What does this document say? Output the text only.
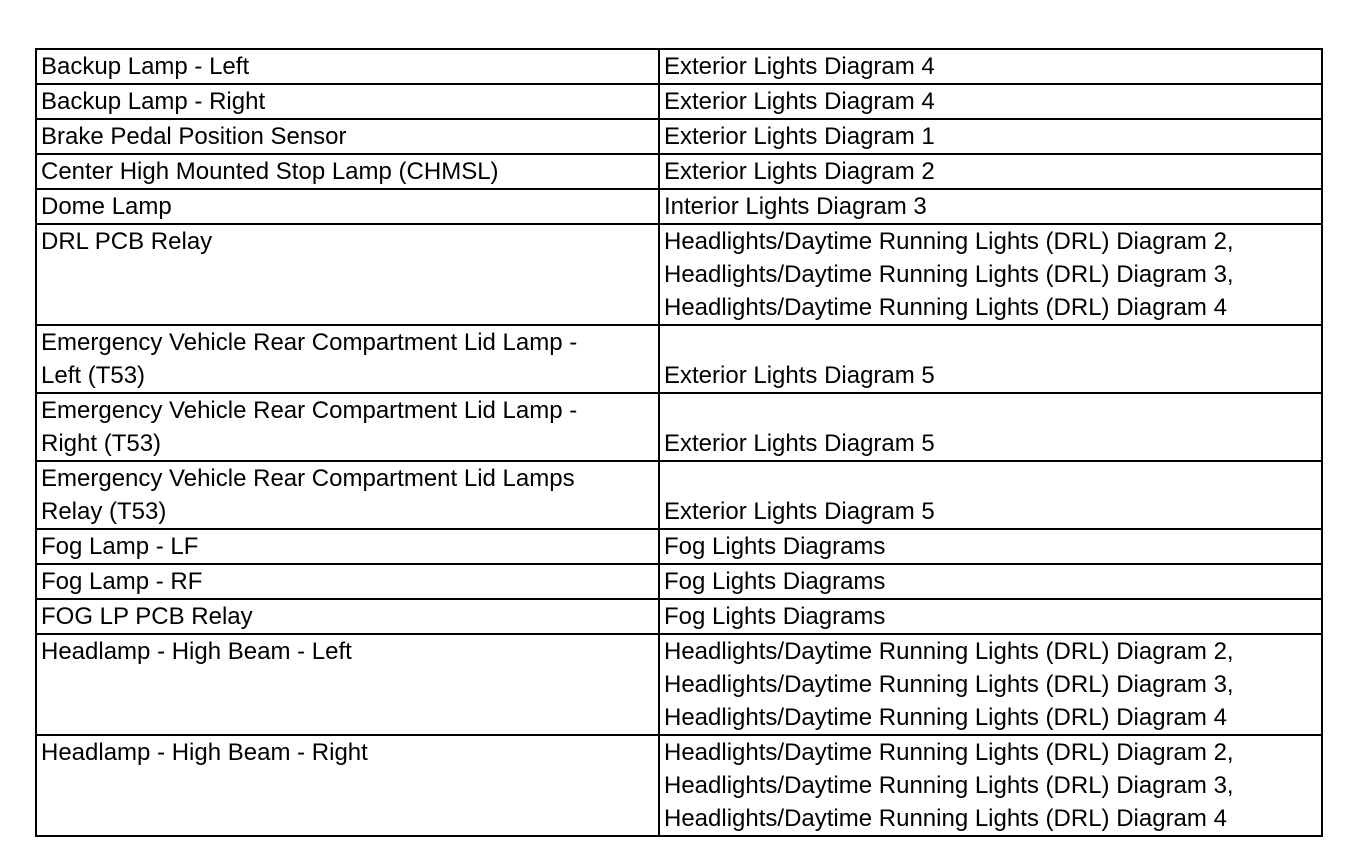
Backup Lamp - Left	Exterior Lights Diagram 4

Backup Lamp - Right	Exterior Lights Diagram 4

Brake Pedal Position Sensor	Exterior Lights Diagram 1

Center High Mounted Stop Lamp (CHMSL)	Exterior Lights Diagram 2

Dome Lamp	Interior Lights Diagram 3

DRL PCB Relay	Headlights/Daytime Running Lights (DRL) Diagram 2,
Headlights/Daytime Running Lights (DRL) Diagram 3,
Headlights/Daytime Running Lights (DRL) Diagram 4

Emergency Vehicle Rear Compartment Lid Lamp -
Left (T53)	Exterior Lights Diagram 5

Emergency Vehicle Rear Compartment Lid Lamp -
Right (T53)	Exterior Lights Diagram 5

Emergency Vehicle Rear Compartment Lid Lamps
Relay (T53)	Exterior Lights Diagram 5

Fog Lamp - LF	Fog Lights Diagrams

Fog Lamp - RF	Fog Lights Diagrams

FOG LP PCB Relay	Fog Lights Diagrams

Headlamp - High Beam - Left	Headlights/Daytime Running Lights (DRL) Diagram 2,
Headlights/Daytime Running Lights (DRL) Diagram 3,
Headlights/Daytime Running Lights (DRL) Diagram 4

Headlamp - High Beam - Right	Headlights/Daytime Running Lights (DRL) Diagram 2,
Headlights/Daytime Running Lights (DRL) Diagram 3,
Headlights/Daytime Running Lights (DRL) Diagram 4
